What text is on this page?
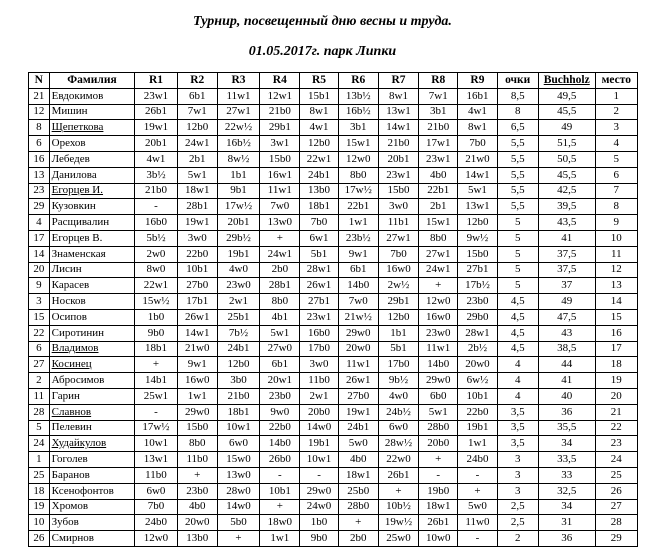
Турнир, посвещенный дню весны и труда.
01.05.2017г. парк Липки
N	Фамилия	R1	R2	R3	R4	R5	R6	R7	R8	R9	очки	Buchholz	место
21	Евдокимов	23w1	6b1	11w1	12w1	15b1	13b½	8w1	7w1	16b1	8,5	49,5	1
12	Мишин	26b1	7w1	27w1	21b0	8w1	16b½	13w1	3b1	4w1	8	45,5	2
8	Щепеткова	19w1	12b0	22w½	29b1	4w1	3b1	14w1	21b0	8w1	6,5	49	3
6	Орехов	20b1	24w1	16b½	3w1	12b0	15w1	21b0	17w1	7b0	5,5	51,5	4
16	Лебедев	4w1	2b1	8w½	15b0	22w1	12w0	20b1	23w1	21w0	5,5	50,5	5
13	Данилова	3b½	5w1	1b1	16w1	24b1	8b0	23w1	4b0	14w1	5,5	45,5	6
23	Егорцев И.	21b0	18w1	9b1	11w1	13b0	17w½	15b0	22b1	5w1	5,5	42,5	7
29	Кузовкин	-	28b1	17w½	7w0	18b1	22b1	3w0	2b1	13w1	5,5	39,5	8
4	Расщивалин	16b0	19w1	20b1	13w0	7b0	1w1	11b1	15w1	12b0	5	43,5	9
17	Егорцев В.	5b½	3w0	29b½	+	6w1	23b½	27w1	8b0	9w½	5	41	10
14	Знаменская	2w0	22b0	19b1	24w1	5b1	9w1	7b0	27w1	15b0	5	37,5	11
20	Лисин	8w0	10b1	4w0	2b0	28w1	6b1	16w0	24w1	27b1	5	37,5	12
9	Карасев	22w1	27b0	23w0	28b1	26w1	14b0	2w½	+	17b½	5	37	13
3	Носков	15w½	17b1	2w1	8b0	27b1	7w0	29b1	12w0	23b0	4,5	49	14
15	Осипов	1b0	26w1	25b1	4b1	23w1	21w½	12b0	16w0	29b0	4,5	47,5	15
22	Сиротинин	9b0	14w1	7b½	5w1	16b0	29w0	1b1	23w0	28w1	4,5	43	16
6	Владимов	18b1	21w0	24b1	27w0	17b0	20w0	5b1	11w1	2b½	4,5	38,5	17
27	Косинец	+	9w1	12b0	6b1	3w0	11w1	17b0	14b0	20w0	4	44	18
2	Абросимов	14b1	16w0	3b0	20w1	11b0	26w1	9b½	29w0	6w½	4	41	19
11	Гарин	25w1	1w1	21b0	23b0	2w1	27b0	4w0	6b0	10b1	4	40	20
28	Славнов	-	29w0	18b1	9w0	20b0	19w1	24b½	5w1	22b0	3,5	36	21
5	Пелевин	17w½	15b0	10w1	22b0	14w0	24b1	6w0	28b0	19b1	3,5	35,5	22
24	Худайкулов	10w1	8b0	6w0	14b0	19b1	5w0	28w½	20b0	1w1	3,5	34	23
1	Гоголев	13w1	11b0	15w0	26b0	10w1	4b0	22w0	+	24b0	3	33,5	24
25	Баранов	11b0	+	13w0	-	-	18w1	26b1	-	-	3	33	25
18	Ксенофонтов	6w0	23b0	28w0	10b1	29w0	25b0	+	19b0	+	3	32,5	26
19	Хромов	7b0	4b0	14w0	+	24w0	28b0	10b½	18w1	5w0	2,5	34	27
10	Зубов	24b0	20w0	5b0	18w0	1b0	+	19w½	26b1	11w0	2,5	31	28
26	Смирнов	12w0	13b0	+	1w1	9b0	2b0	25w0	10w0	-	2	36	29
